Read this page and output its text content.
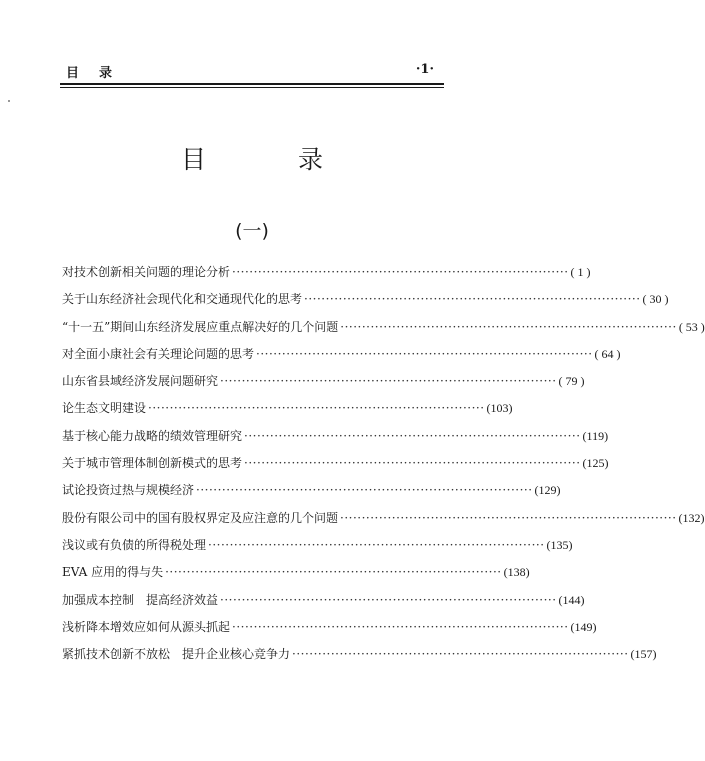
目录	·1·
目 录
(一)
对技术创新相关问题的理论分析 ·············································································· ( 1 )
关于山东经济社会现代化和交通现代化的思考 ·············································································· ( 30 )
“十一五”期间山东经济发展应重点解决好的几个问题 ·············································································· ( 53 )
对全面小康社会有关理论问题的思考 ·············································································· ( 64 )
山东省县域经济发展问题研究 ·············································································· ( 79 )
论生态文明建设 ·············································································· (103)
基于核心能力战略的绩效管理研究 ·············································································· (119)
关于城市管理体制创新模式的思考 ·············································································· (125)
试论投资过热与规模经济 ·············································································· (129)
股份有限公司中的国有股权界定及应注意的几个问题 ·············································································· (132)
浅议或有负债的所得税处理 ·············································································· (135)
EVA 应用的得与失 ·············································································· (138)
加强成本控制　提高经济效益 ·············································································· (144)
浅析降本增效应如何从源头抓起 ·············································································· (149)
紧抓技术创新不放松　提升企业核心竞争力 ·············································································· (157)
